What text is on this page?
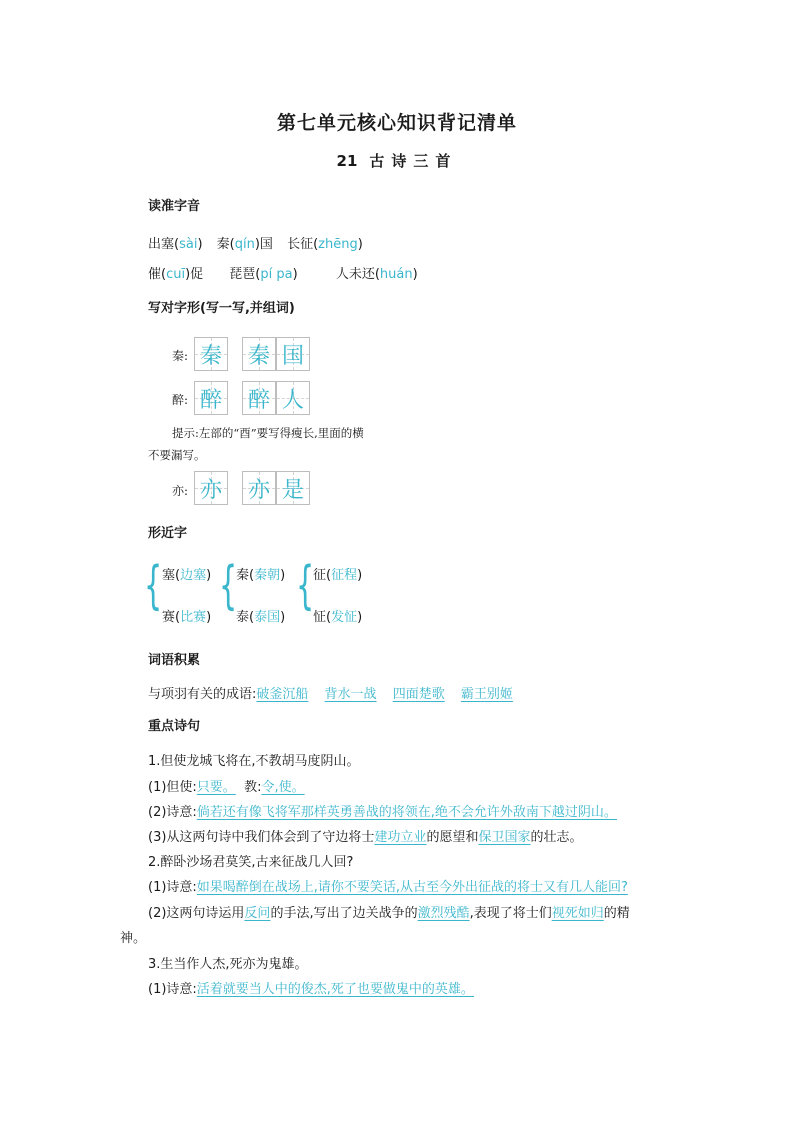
第七单元核心知识背记清单
21 古诗三首
读准字音
出塞(sài) 秦(qín)国 长征(zhēng)
催(cuī)促 琵琶(pí pa)	人未还(huán)
写对字形(写一写,并组词)
秦: 秦 秦 国
醉: 醉 醉 人
提示:左部的“酉”要写得瘦长,里面的横
不要漏写。
亦: 亦 亦 是
形近字
{ 塞(边塞)
赛(比赛)
{
秦(秦朝)
泰(泰国)
{
征(征程)
怔(发怔)
词语积累
与项羽有关的成语:破釜沉船 背水一战 四面楚歌 霸王别姬
重点诗句
1.但使龙城飞将在,不教胡马度阴山。
(1)但使:只要。 教:令,使。
(2)诗意:倘若还有像飞将军那样英勇善战的将领在,绝不会允许外敌南下越过阴山。
(3)从这两句诗中我们体会到了守边将士建功立业的愿望和保卫国家的壮志。
2.醉卧沙场君莫笑,古来征战几人回?
(1)诗意:如果喝醉倒在战场上,请你不要笑话,从古至今外出征战的将士又有几人能回?
(2)这两句诗运用反问的手法,写出了边关战争的激烈残酷,表现了将士们视死如归的精
神。
3.生当作人杰,死亦为鬼雄。
(1)诗意:活着就要当人中的俊杰,死了也要做鬼中的英雄。
